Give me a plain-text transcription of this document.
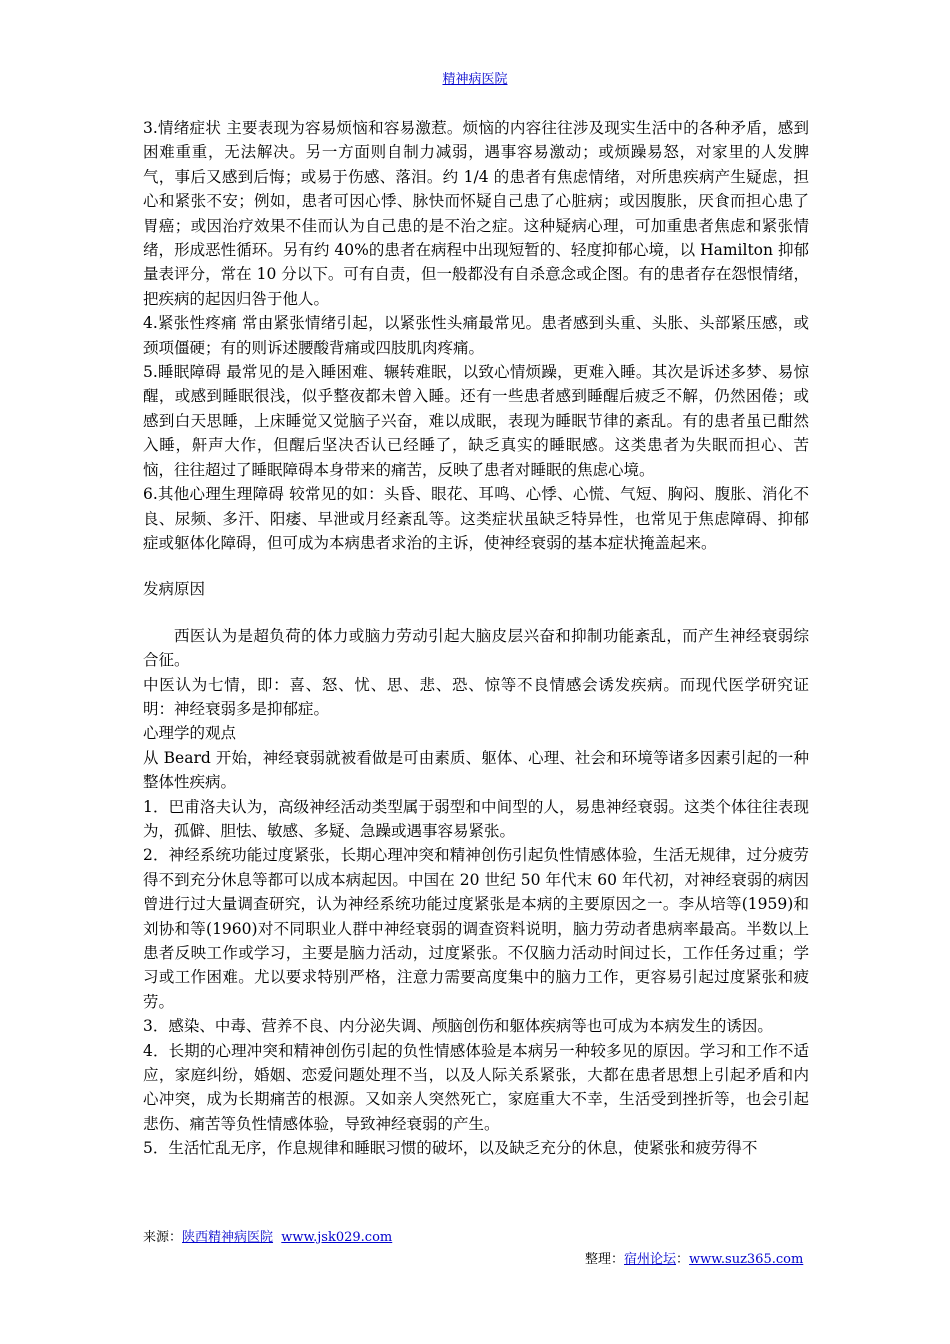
精神病医院

3.情绪症状 主要表现为容易烦恼和容易激惹。烦恼的内容往往涉及现实生活中的各种矛盾，感到困难重重，无法解决。另一方面则自制力减弱，遇事容易激动；或烦躁易怒，对家里的人发脾气，事后又感到后悔；或易于伤感、落泪。约 1/4 的患者有焦虑情绪，对所患疾病产生疑虑，担心和紧张不安；例如，患者可因心悸、脉快而怀疑自己患了心脏病；或因腹胀，厌食而担心患了胃癌；或因治疗效果不佳而认为自己患的是不治之症。这种疑病心理，可加重患者焦虑和紧张情绪，形成恶性循环。另有约 40%的患者在病程中出现短暂的、轻度抑郁心境，以 Hamilton 抑郁量表评分，常在 10 分以下。可有自责，但一般都没有自杀意念或企图。有的患者存在怨恨情绪，把疾病的起因归咎于他人。

4.紧张性疼痛 常由紧张情绪引起，以紧张性头痛最常见。患者感到头重、头胀、头部紧压感，或颈项僵硬；有的则诉述腰酸背痛或四肢肌肉疼痛。

5.睡眠障碍 最常见的是入睡困难、辗转难眠，以致心情烦躁，更难入睡。其次是诉述多梦、易惊醒，或感到睡眠很浅，似乎整夜都未曾入睡。还有一些患者感到睡醒后疲乏不解，仍然困倦；或感到白天思睡，上床睡觉又觉脑子兴奋，难以成眠，表现为睡眠节律的紊乱。有的患者虽已酣然入睡，鼾声大作，但醒后坚决否认已经睡了，缺乏真实的睡眠感。这类患者为失眠而担心、苦恼，往往超过了睡眠障碍本身带来的痛苦，反映了患者对睡眠的焦虑心境。

6.其他心理生理障碍 较常见的如：头昏、眼花、耳鸣、心悸、心慌、气短、胸闷、腹胀、消化不良、尿频、多汗、阳痿、早泄或月经紊乱等。这类症状虽缺乏特异性，也常见于焦虑障碍、抑郁症或躯体化障碍，但可成为本病患者求治的主诉，使神经衰弱的基本症状掩盖起来。

发病原因

西医认为是超负荷的体力或脑力劳动引起大脑皮层兴奋和抑制功能紊乱，而产生神经衰弱综合征。

中医认为七情，即：喜、怒、忧、思、悲、恐、惊等不良情感会诱发疾病。而现代医学研究证明：神经衰弱多是抑郁症。

心理学的观点

从 Beard 开始，神经衰弱就被看做是可由素质、躯体、心理、社会和环境等诸多因素引起的一种整体性疾病。

1．巴甫洛夫认为，高级神经活动类型属于弱型和中间型的人，易患神经衰弱。这类个体往往表现为，孤僻、胆怯、敏感、多疑、急躁或遇事容易紧张。

2．神经系统功能过度紧张，长期心理冲突和精神创伤引起负性情感体验，生活无规律，过分疲劳得不到充分休息等都可以成本病起因。中国在 20 世纪 50 年代末 60 年代初，对神经衰弱的病因曾进行过大量调查研究，认为神经系统功能过度紧张是本病的主要原因之一。李从培等(1959)和刘协和等(1960)对不同职业人群中神经衰弱的调查资料说明，脑力劳动者患病率最高。半数以上患者反映工作或学习，主要是脑力活动，过度紧张。不仅脑力活动时间过长，工作任务过重；学习或工作困难。尤以要求特别严格，注意力需要高度集中的脑力工作，更容易引起过度紧张和疲劳。

3．感染、中毒、营养不良、内分泌失调、颅脑创伤和躯体疾病等也可成为本病发生的诱因。

4．长期的心理冲突和精神创伤引起的负性情感体验是本病另一种较多见的原因。学习和工作不适应，家庭纠纷，婚姻、恋爱问题处理不当，以及人际关系紧张，大都在患者思想上引起矛盾和内心冲突，成为长期痛苦的根源。又如亲人突然死亡，家庭重大不幸，生活受到挫折等，也会引起悲伤、痛苦等负性情感体验，导致神经衰弱的产生。

5．生活忙乱无序，作息规律和睡眠习惯的破坏，以及缺乏充分的休息，使紧张和疲劳得不

来源：陕西精神病医院 www.jsk029.com
整理：宿州论坛：www.suz365.com
